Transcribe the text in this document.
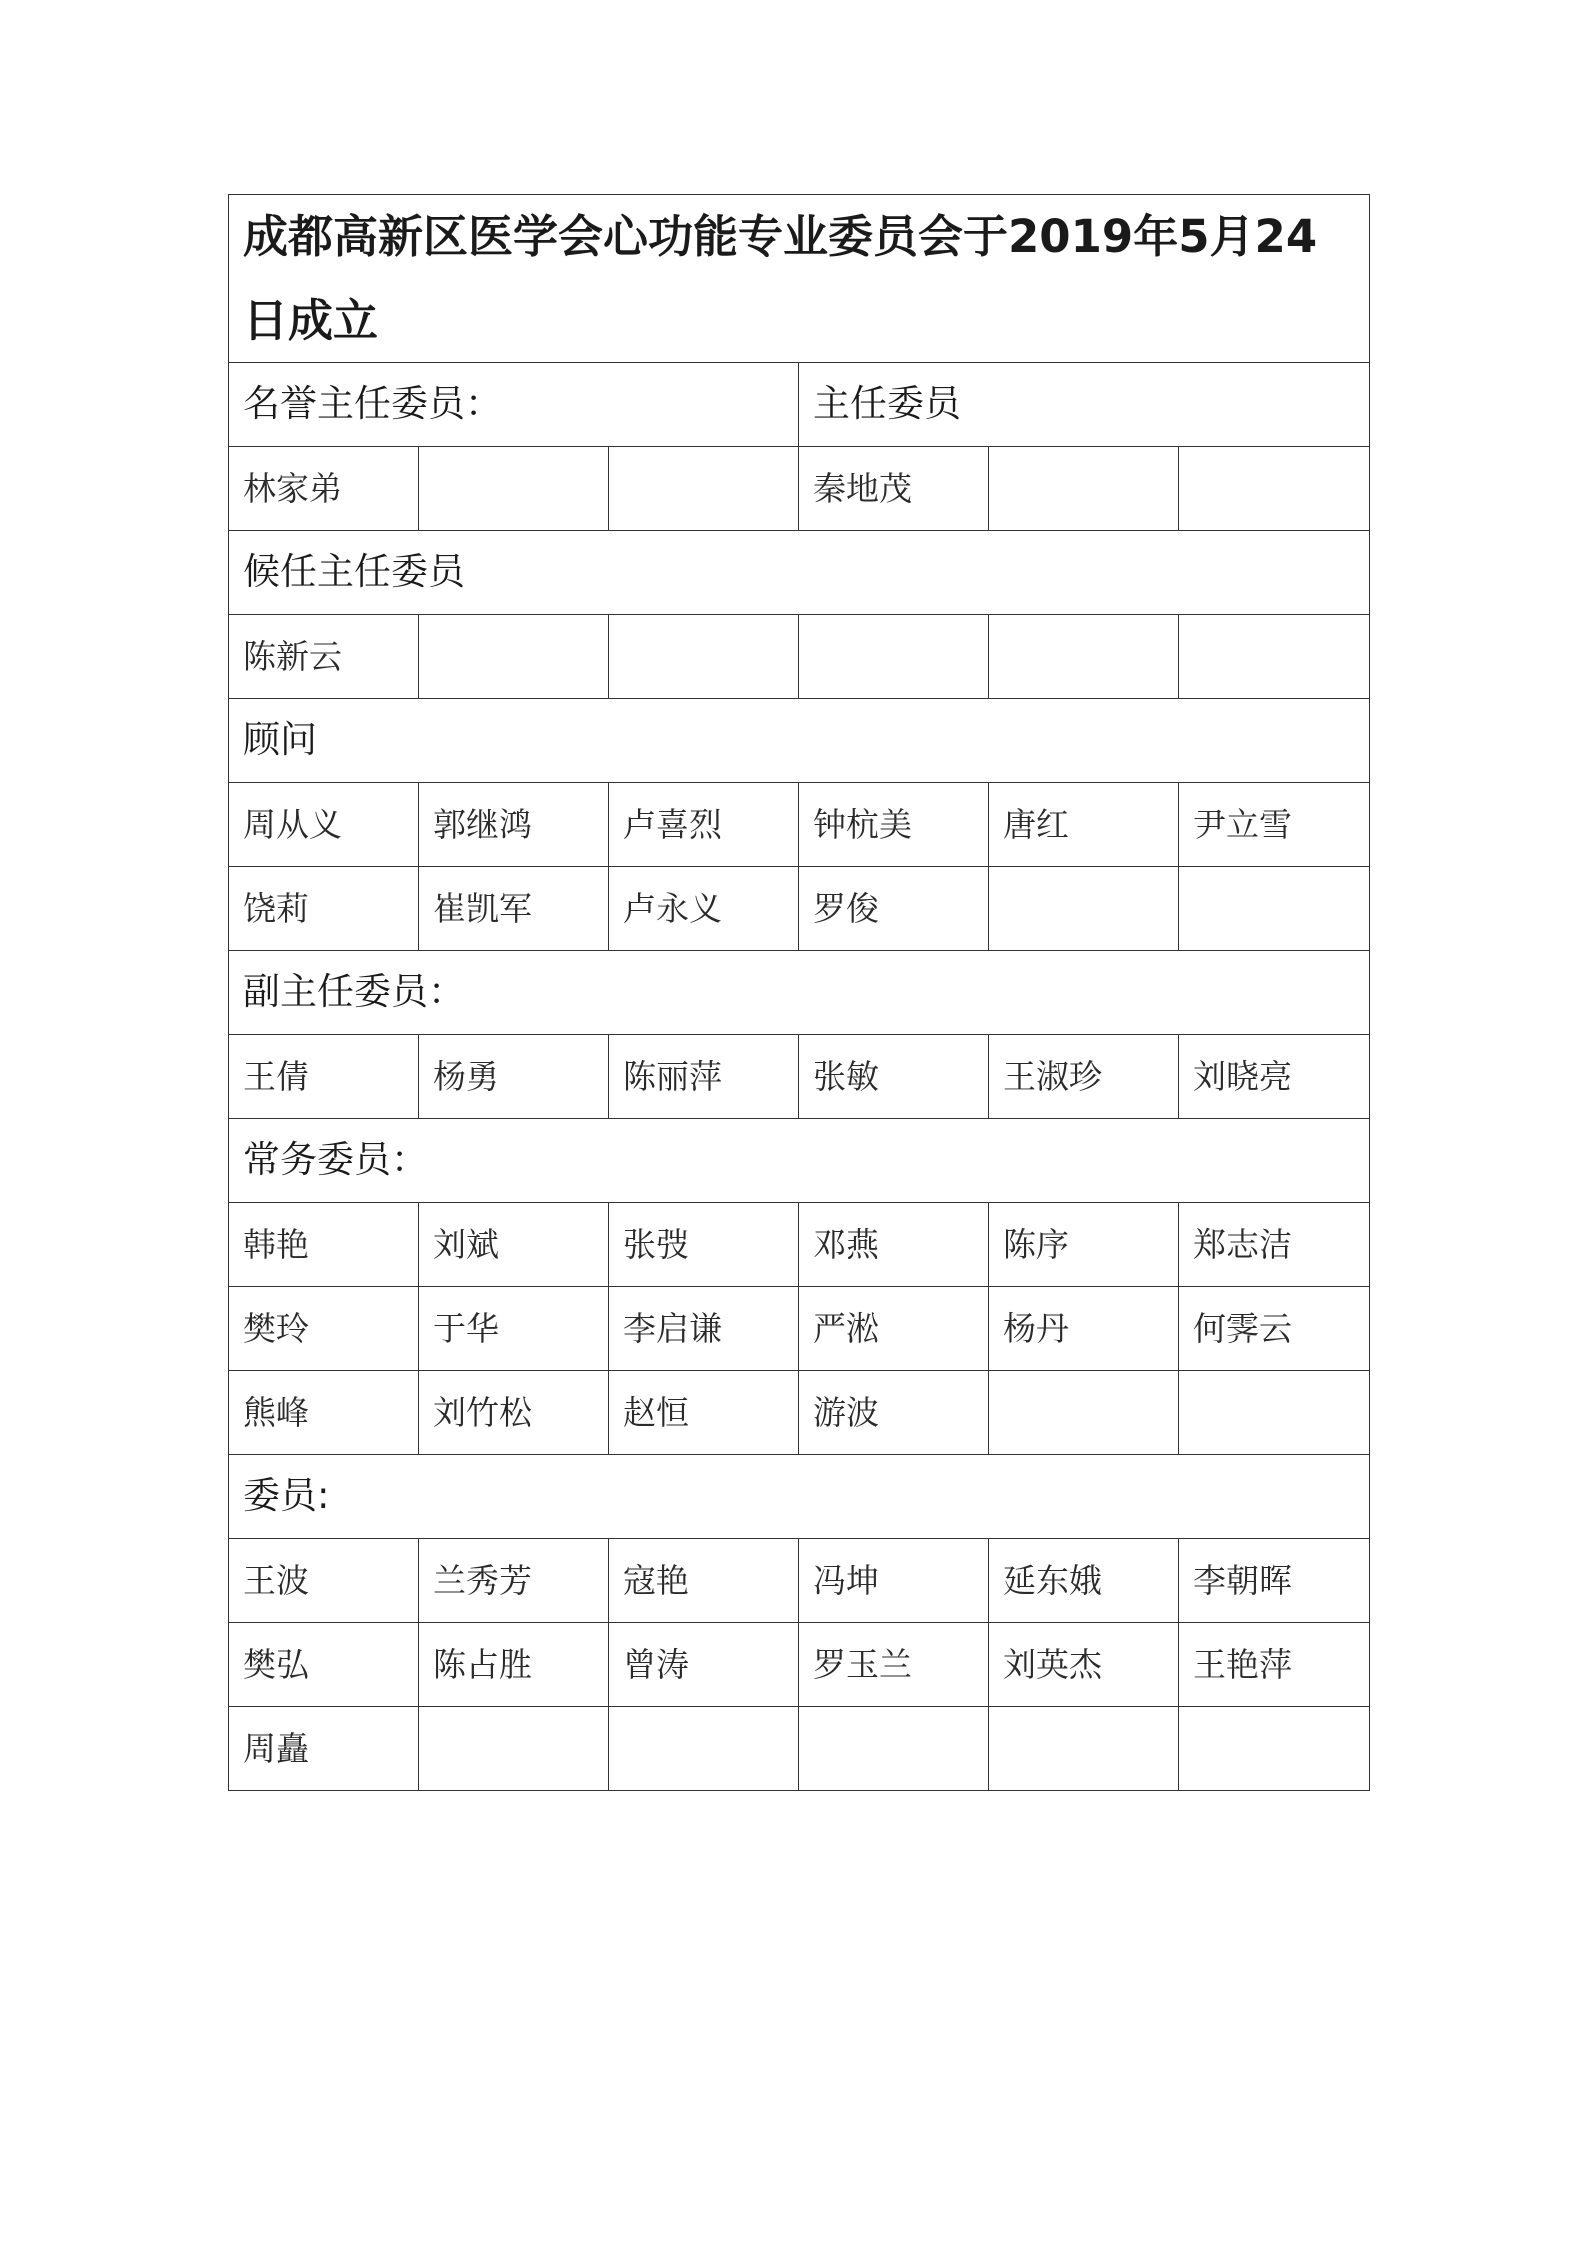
成都高新区医学会心功能专业委员会于2019年5月24日成立					
名誉主任委员：			主任委员		
林家弟			秦地茂		
候任主任委员					
陈新云					
顾问					
周从义	郭继鸿	卢喜烈	钟杭美	唐红	尹立雪
饶莉	崔凯军	卢永义	罗俊		
副主任委员：					
王倩	杨勇	陈丽萍	张敏	王淑珍	刘晓亮
常务委员：					
韩艳	刘斌	张弢	邓燕	陈序	郑志洁
樊玲	于华	李启谦	严淞	杨丹	何霁云
熊峰	刘竹松	赵恒	游波		
委员:					
王波	兰秀芳	寇艳	冯坤	延东娥	李朝晖
樊弘	陈占胜	曾涛	罗玉兰	刘英杰	王艳萍
周矗					
